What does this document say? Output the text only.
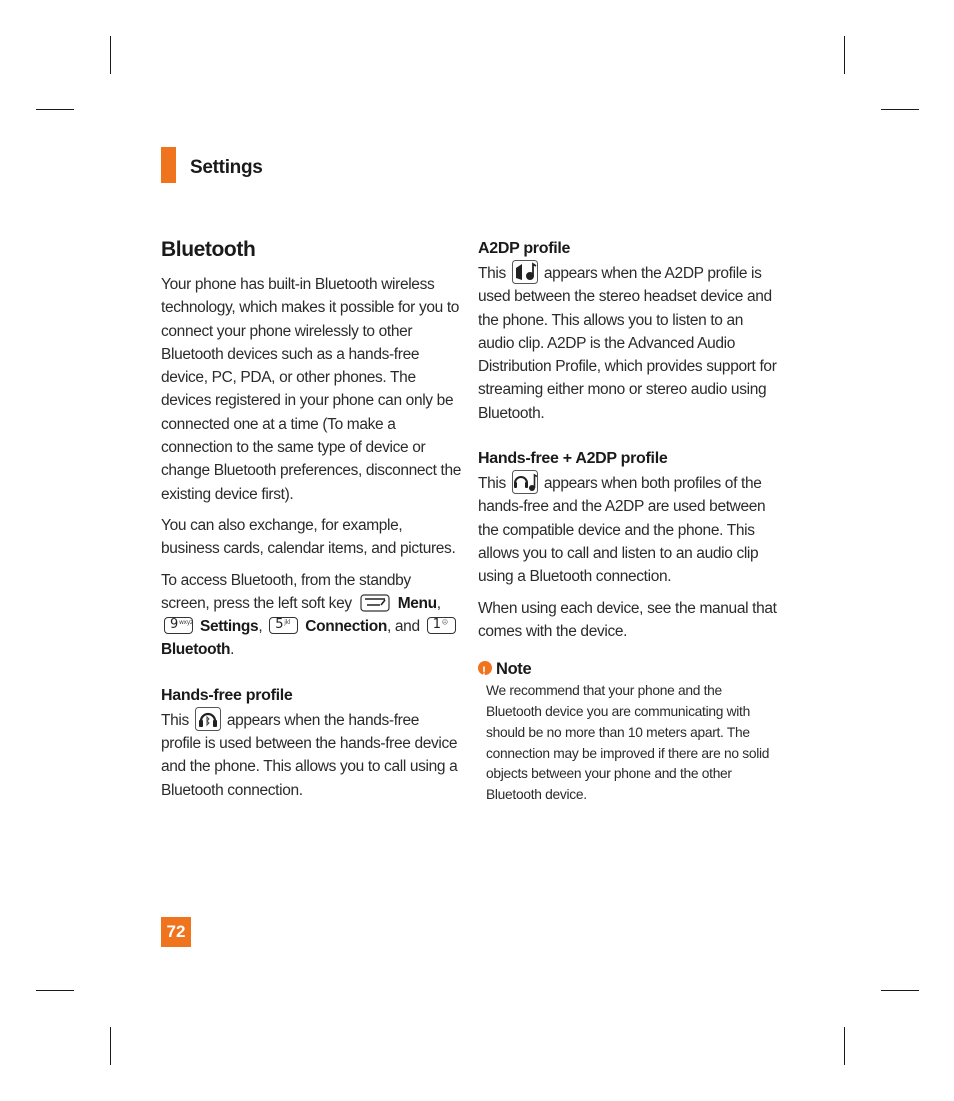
Settings
Bluetooth

Your phone has built-in Bluetooth wireless technology, which makes it possible for you to connect your phone wirelessly to other Bluetooth devices such as a hands-free device, PC, PDA, or other phones. The devices registered in your phone can only be connected one at a time (To make a connection to the same type of device or change Bluetooth preferences, disconnect the existing device first).

You can also exchange, for example, business cards, calendar items, and pictures.

To access Bluetooth, from the standby screen, press the left soft key	Menu,
9 wxyz Settings, 5 jkl Connection, and 1 ☹
Bluetooth.

Hands-free profile

This appears when the hands-free profile is used between the hands-free device and the phone. This allows you to call using a Bluetooth connection.

A2DP profile

This appears when the A2DP profile is used between the stereo headset device and the phone. This allows you to listen to an audio clip. A2DP is the Advanced Audio Distribution Profile, which provides support for streaming either mono or stereo audio using Bluetooth.

Hands-free + A2DP profile

This appears when both profiles of the hands-free and the A2DP are used between the compatible device and the phone. This allows you to call and listen to an audio clip using a Bluetooth connection.

When using each device, see the manual that comes with the device.

!Note
We recommend that your phone and the Bluetooth device you are communicating with should be no more than 10 meters apart. The connection may be improved if there are no solid objects between your phone and the other Bluetooth device.
72
